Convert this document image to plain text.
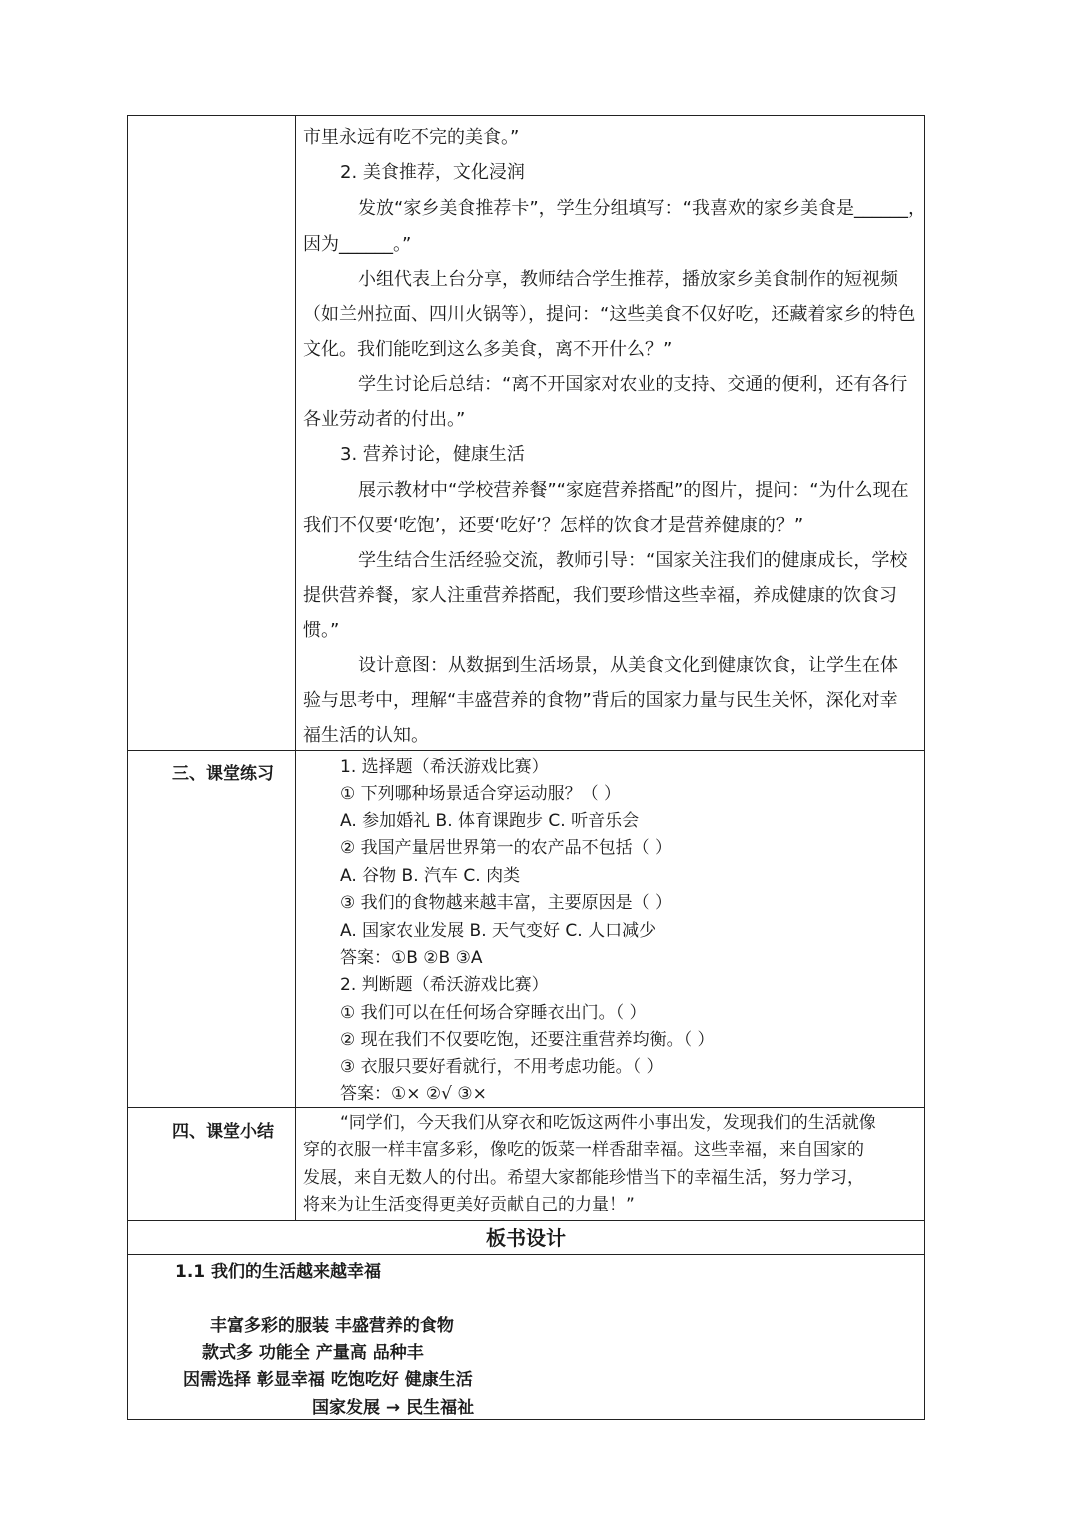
市里永远有吃不完的美食。”
2. 美食推荐，文化浸润
发放“家乡美食推荐卡”，学生分组填写：“我喜欢的家乡美食是______，
因为______。”
小组代表上台分享，教师结合学生推荐，播放家乡美食制作的短视频
（如兰州拉面、四川火锅等），提问：“这些美食不仅好吃，还藏着家乡的特色
文化。我们能吃到这么多美食，离不开什么？”
学生讨论后总结：“离不开国家对农业的支持、交通的便利，还有各行
各业劳动者的付出。”
3. 营养讨论，健康生活
展示教材中“学校营养餐”“家庭营养搭配”的图片，提问：“为什么现在
我们不仅要‘吃饱’，还要‘吃好’？怎样的饮食才是营养健康的？”
学生结合生活经验交流，教师引导：“国家关注我们的健康成长，学校
提供营养餐，家人注重营养搭配，我们要珍惜这些幸福，养成健康的饮食习
惯。”
设计意图：从数据到生活场景，从美食文化到健康饮食，让学生在体
验与思考中，理解“丰盛营养的食物”背后的国家力量与民生关怀，深化对幸
福生活的认知。
三、课堂练习	1. 选择题（希沃游戏比赛）
① 下列哪种场景适合穿运动服？（ ）
A. 参加婚礼 B. 体育课跑步 C. 听音乐会
② 我国产量居世界第一的农产品不包括（ ）
A. 谷物 B. 汽车 C. 肉类
③ 我们的食物越来越丰富，主要原因是（ ）
A. 国家农业发展 B. 天气变好 C. 人口减少
答案：①B ②B ③A
2. 判断题（希沃游戏比赛）
① 我们可以在任何场合穿睡衣出门。（ ）
② 现在我们不仅要吃饱，还要注重营养均衡。（ ）
③ 衣服只要好看就行，不用考虑功能。（ ）
答案：①× ②√ ③×
四、课堂小结	“同学们，今天我们从穿衣和吃饭这两件小事出发，发现我们的生活就像
穿的衣服一样丰富多彩，像吃的饭菜一样香甜幸福。这些幸福，来自国家的
发展，来自无数人的付出。希望大家都能珍惜当下的幸福生活，努力学习，
将来为让生活变得更美好贡献自己的力量！”
板书设计
1.1 我们的生活越来越幸福
丰富多彩的服装 丰盛营养的食物
款式多 功能全 产量高 品种丰
因需选择 彰显幸福 吃饱吃好 健康生活
国家发展 → 民生福祉
